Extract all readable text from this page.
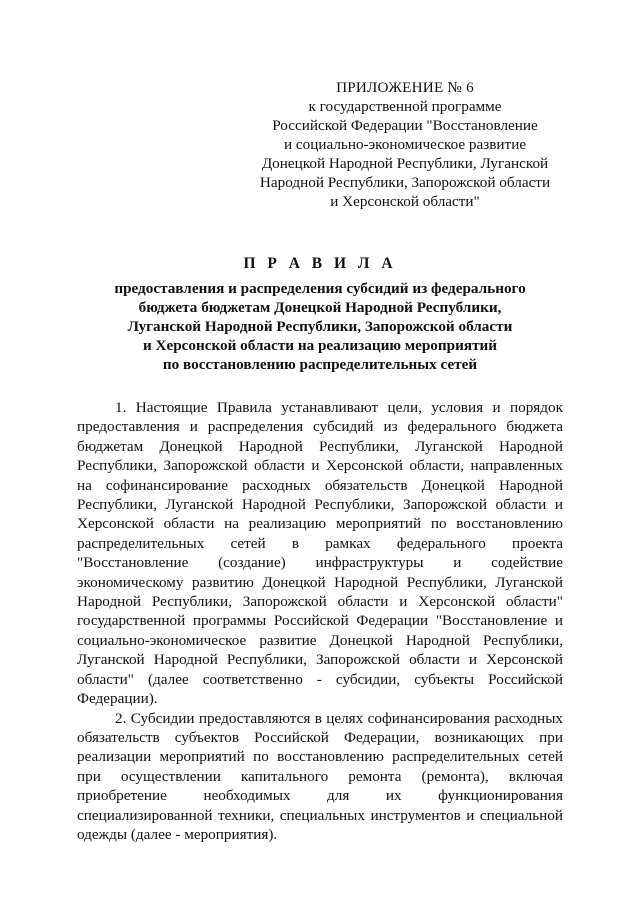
ПРИЛОЖЕНИЕ № 6
к государственной программе
Российской Федерации "Восстановление
и социально-экономическое развитие
Донецкой Народной Республики, Луганской
Народной Республики, Запорожской области
и Херсонской области"
П Р А В И Л А
предоставления и распределения субсидий из федерального
бюджета бюджетам Донецкой Народной Республики,
Луганской Народной Республики, Запорожской области
и Херсонской области на реализацию мероприятий
по восстановлению распределительных сетей

1. Настоящие Правила устанавливают цели, условия и порядок предоставления и распределения субсидий из федерального бюджета бюджетам Донецкой Народной Республики, Луганской Народной Республики, Запорожской области и Херсонской области, направленных на софинансирование расходных обязательств Донецкой Народной Республики, Луганской Народной Республики, Запорожской области и Херсонской области на реализацию мероприятий по восстановлению распределительных сетей в рамках федерального проекта "Восстановление (создание) инфраструктуры и содействие экономическому развитию Донецкой Народной Республики, Луганской Народной Республики, Запорожской области и Херсонской области" государственной программы Российской Федерации "Восстановление и социально-экономическое развитие Донецкой Народной Республики, Луганской Народной Республики, Запорожской области и Херсонской области" (далее соответственно - субсидии, субъекты Российской Федерации).

2. Субсидии предоставляются в целях софинансирования расходных обязательств субъектов Российской Федерации, возникающих при реализации мероприятий по восстановлению распределительных сетей при осуществлении капитального ремонта (ремонта), включая приобретение необходимых для их функционирования специализированной техники, специальных инструментов и специальной одежды (далее - мероприятия).
